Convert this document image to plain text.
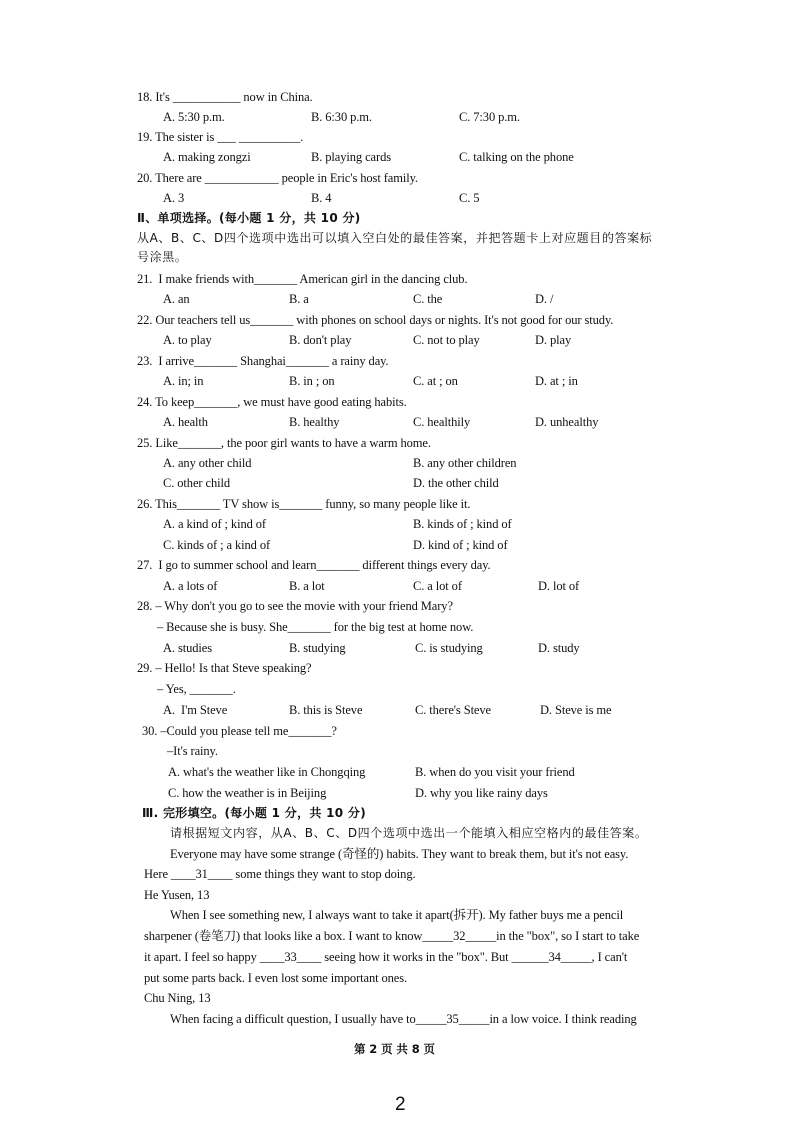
18. It's ___________ now in China.
A. 5:30 p.m.	B. 6:30 p.m.	C. 7:30 p.m.
19. The sister is ___ __________.
A. making zongzi	B. playing cards	C. talking on the phone
20. There are ____________ people in Eric's host family.
A. 3	B. 4	C. 5
Ⅱ、单项选择。(每小题 1 分，共 10 分)
从A、B、C、D四个选项中选出可以填入空白处的最佳答案，并把答题卡上对应题目的答案标
号涂黑。
21.  I make friends with_______ American girl in the dancing club.
A. an	B. a	C. the	D. /
22. Our teachers tell us_______ with phones on school days or nights. It's not good for our study.
A. to play	B. don't play	C. not to play	D. play
23.  I arrive_______ Shanghai_______ a rainy day.
A. in; in	B. in ; on	C. at ; on	D. at ; in
24. To keep_______, we must have good eating habits.
A. health	B. healthy	C. healthily	D. unhealthy
25. Like_______, the poor girl wants to have a warm home.
A. any other child	B. any other children
C. other child	D. the other child
26. This_______ TV show is_______ funny, so many people like it.
A. a kind of ; kind of	B. kinds of ; kind of
C. kinds of ; a kind of	D. kind of ; kind of
27.  I go to summer school and learn_______ different things every day.
A. a lots of	B. a lot	C. a lot of	D. lot of
28. – Why don't you go to see the movie with your friend Mary?
– Because she is busy. She_______ for the big test at home now.
A. studies	B. studying	C. is studying	D. study
29. – Hello! Is that Steve speaking?
– Yes, _______.
A.  I'm Steve	B. this is Steve	C. there's Steve	D. Steve is me
30. –Could you please tell me_______?
–It's rainy.
A. what's the weather like in Chongqing	B. when do you visit your friend
C. how the weather is in Beijing	D. why you like rainy days
Ⅲ. 完形填空。(每小题 1 分，共 10 分)
请根据短文内容，从A、B、C、D四个选项中选出一个能填入相应空格内的最佳答案。
Everyone may have some strange (奇怪的) habits. They want to break them, but it's not easy.
Here ____31____ some things they want to stop doing.
He Yusen, 13
When I see something new, I always want to take it apart(拆开). My father buys me a pencil
sharpener (卷笔刀) that looks like a box. I want to know_____32_____in the "box", so I start to take
it apart. I feel so happy ____33____ seeing how it works in the "box". But ______34_____, I can't
put some parts back. I even lost some important ones.
Chu Ning, 13
When facing a difficult question, I usually have to_____35_____in a low voice. I think reading
第 2 页 共 8 页
2
